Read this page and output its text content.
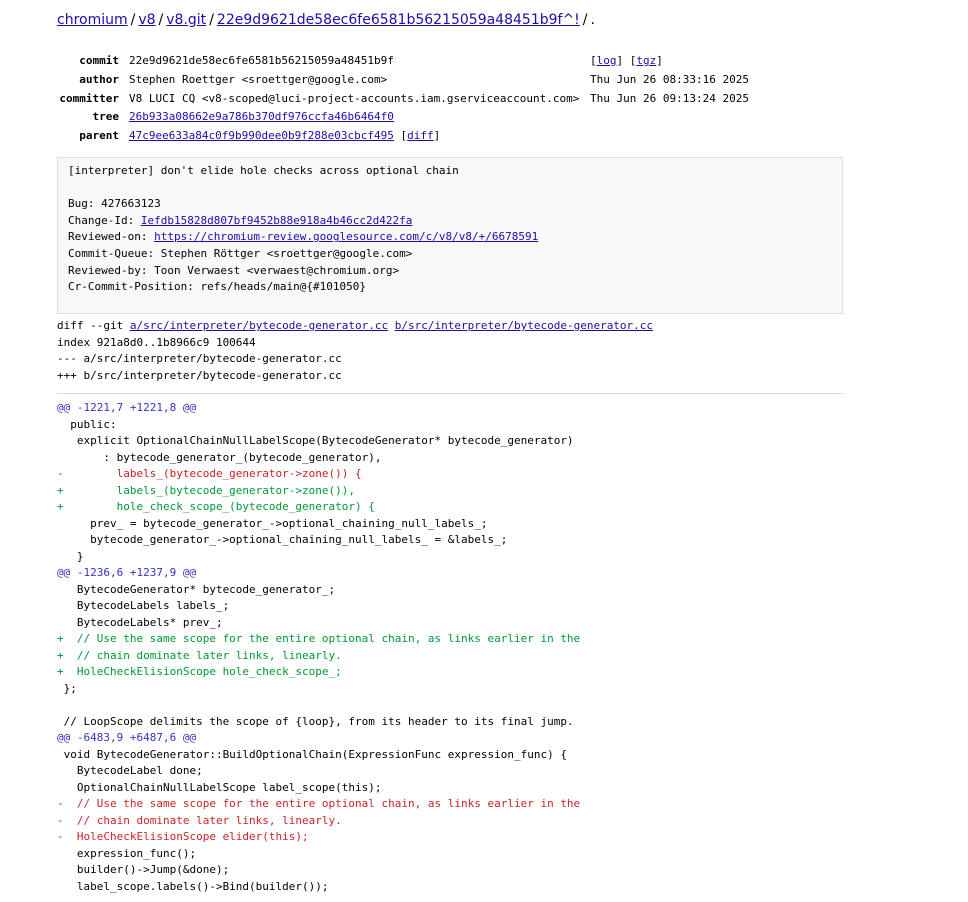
chromium / v8 / v8.git / 22e9d9621de58ec6fe6581b56215059a48451b9f^! / .
commit 22e9d9621de58ec6fe6581b56215059a48451b9f	[log] [tgz]
author Stephen Roettger <sroettger@google.com>	Thu Jun 26 08:33:16 2025
committer V8 LUCI CQ <v8-scoped@luci-project-accounts.iam.gserviceaccount.com> Thu Jun 26 09:13:24 2025
tree 26b933a08662e9a786b370df976ccfa46b6464f0
parent 47c9ee633a84c0f9b990dee0b9f288e03cbcf495 [diff]
[interpreter] don't elide hole checks across optional chain
Bug: 427663123
Change-Id: Iefdb15828d807bf9452b88e918a4b46cc2d422fa
Reviewed-on: https://chromium-review.googlesource.com/c/v8/v8/+/6678591
Commit-Queue: Stephen Röttger <sroettger@google.com>
Reviewed-by: Toon Verwaest <verwaest@chromium.org>
Cr-Commit-Position: refs/heads/main@{#101050}
diff --git a/src/interpreter/bytecode-generator.cc b/src/interpreter/bytecode-generator.cc
index 921a8d0..1b8966c9 100644
--- a/src/interpreter/bytecode-generator.cc
+++ b/src/interpreter/bytecode-generator.cc
@@ -1221,7 +1221,8 @@
public:
explicit OptionalChainNullLabelScope(BytecodeGenerator* bytecode_generator)
: bytecode_generator_(bytecode_generator),
-        labels_(bytecode_generator->zone()) {
+        labels_(bytecode_generator->zone()),
+        hole_check_scope_(bytecode_generator) {
prev_ = bytecode_generator_->optional_chaining_null_labels_;
bytecode_generator_->optional_chaining_null_labels_ = &labels_;
}
@@ -1236,6 +1237,9 @@
BytecodeGenerator* bytecode_generator_;
BytecodeLabels labels_;
BytecodeLabels* prev_;
+  // Use the same scope for the entire optional chain, as links earlier in the
+  // chain dominate later links, linearly.
+  HoleCheckElisionScope hole_check_scope_;
};

// LoopScope delimits the scope of {loop}, from its header to its final jump.
@@ -6483,9 +6487,6 @@
void BytecodeGenerator::BuildOptionalChain(ExpressionFunc expression_func) {
BytecodeLabel done;
OptionalChainNullLabelScope label_scope(this);
-  // Use the same scope for the entire optional chain, as links earlier in the
-  // chain dominate later links, linearly.
-  HoleCheckElisionScope elider(this);
expression_func();
builder()->Jump(&done);
label_scope.labels()->Bind(builder());
